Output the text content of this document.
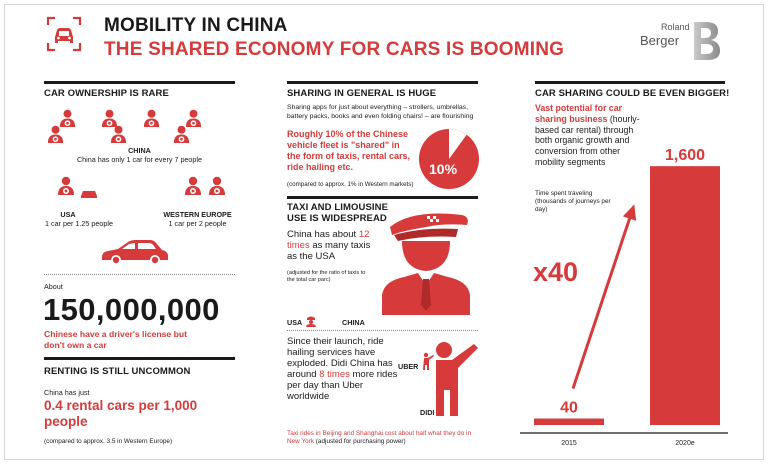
MOBILITY IN CHINA
THE SHARED ECONOMY FOR CARS IS BOOMING
Roland
Berger
CAR OWNERSHIP IS RARE
CHINA
China has only 1 car for every 7 people
USA
1 car per 1.25 people
WESTERN EUROPE
1 car per 2 people
About
150,000,000
Chinese have a driver's license but don't own a car
RENTING IS STILL UNCOMMON
China has just
0.4 rental cars per 1,000 people
(compared to approx. 3.5 in Western Europe)
SHARING IN GENERAL IS HUGE
Sharing apps for just about everything – strollers, umbrellas, battery packs, books and even folding chairs! – are flourishing
Roughly 10% of the Chinese vehicle fleet is "shared" in the form of taxis, rental cars, ride hailing etc.
(compared to approx. 1% in Western markets)
10%
TAXI AND LIMOUSINE USE IS WIDESPREAD
China has about 12 times as many taxis as the USA
(adjusted for the ratio of taxis to the total car parc)
USA	CHINA
Since their launch, ride hailing services have exploded. Didi China has around 8 times more rides per day than Uber worldwide
UBER
DIDI
Taxi rides in Beijing and Shanghai cost about half what they do in New York (adjusted for purchasing power)
CAR SHARING COULD BE EVEN BIGGER!
Vast potential for car sharing business (hourly-based car rental) through both organic growth and conversion from other mobility segments
Time spent traveling (thousands of journeys per day)
x40
40
2015
1,600
2020e
